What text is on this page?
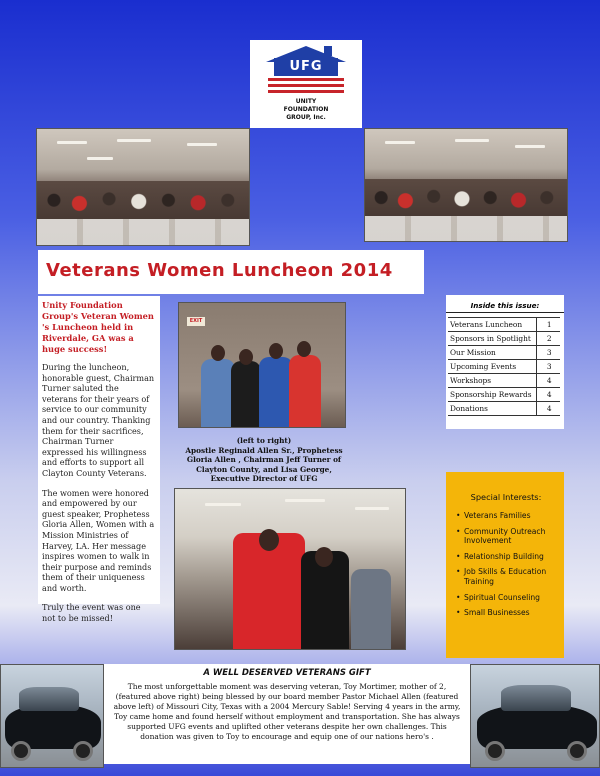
UFG
UNITY
FOUNDATION
GROUP, Inc.
Veterans Women Luncheon 2014

Unity Foundation Group's Veteran Women 's Luncheon held in Riverdale, GA was a huge success!

During the luncheon, honorable guest, Chairman Turner saluted the veterans for their years of service to our community and our country. Thanking them for their sacrifices, Chairman Turner expressed his willingness and efforts to support all Clayton County Veterans.

The women were honored and empowered by our guest speaker, Prophetess Gloria Allen, Women with a Mission Ministries of Harvey, LA. Her message inspires women to walk in their purpose and reminds them of their uniqueness and worth.

Truly the event was one not to be missed!

EXIT
(left to right)
Apostle Reginald Allen Sr., Prophetess Gloria Allen , Chairman Jeff Turner of Clayton County, and Lisa George, Executive Director of UFG
Inside this issue:
Veterans Luncheon	1
Sponsors in Spotlight	2
Our Mission	3
Upcoming Events	3
Workshops	4
Sponsorship Rewards	4
Donations	4
Special Interests:
• Veterans Families
• Community Outreach Involvement
• Relationship Building
• Job Skills & Education Training
• Spiritual Counseling
• Small Businesses
A WELL DESERVED VETERANS GIFT

The most unforgettable moment was deserving veteran, Toy Mortimer, mother of 2,(featured above right) being blessed by our board member Pastor Michael Allen (featured above left) of Missouri City, Texas with a 2004 Mercury Sable! Serving 4 years in the army, Toy came home and found herself without employment and transportation. She has always supported UFG events and uplifted other veterans despite her own challenges. This donation was given to Toy to encourage and equip one of our nations hero's .
